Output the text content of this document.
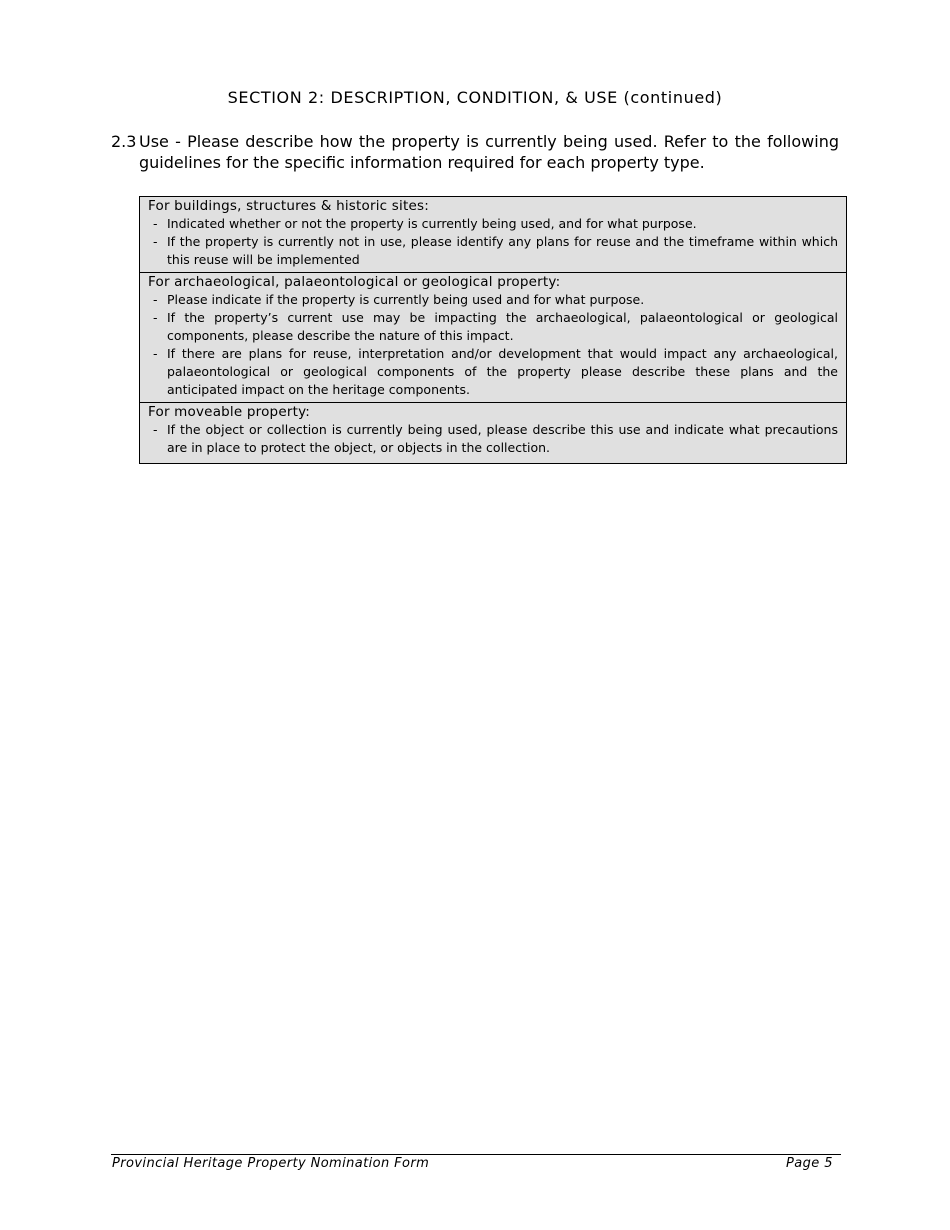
SECTION 2: DESCRIPTION, CONDITION, & USE (continued)
2.3 Use - Please describe how the property is currently being used. Refer to the following guidelines for the specific information required for each property type.
For buildings, structures & historic sites:
- Indicated whether or not the property is currently being used, and for what purpose.
- If the property is currently not in use, please identify any plans for reuse and the timeframe within which this reuse will be implemented
For archaeological, palaeontological or geological property:
- Please indicate if the property is currently being used and for what purpose.
- If the property’s current use may be impacting the archaeological, palaeontological or geological components, please describe the nature of this impact.
- If there are plans for reuse, interpretation and/or development that would impact any archaeological, palaeontological or geological components of the property please describe these plans and the anticipated impact on the heritage components.
For moveable property:
- If the object or collection is currently being used, please describe this use and indicate what precautions are in place to protect the object, or objects in the collection.
Provincial Heritage Property Nomination Form	Page 5
